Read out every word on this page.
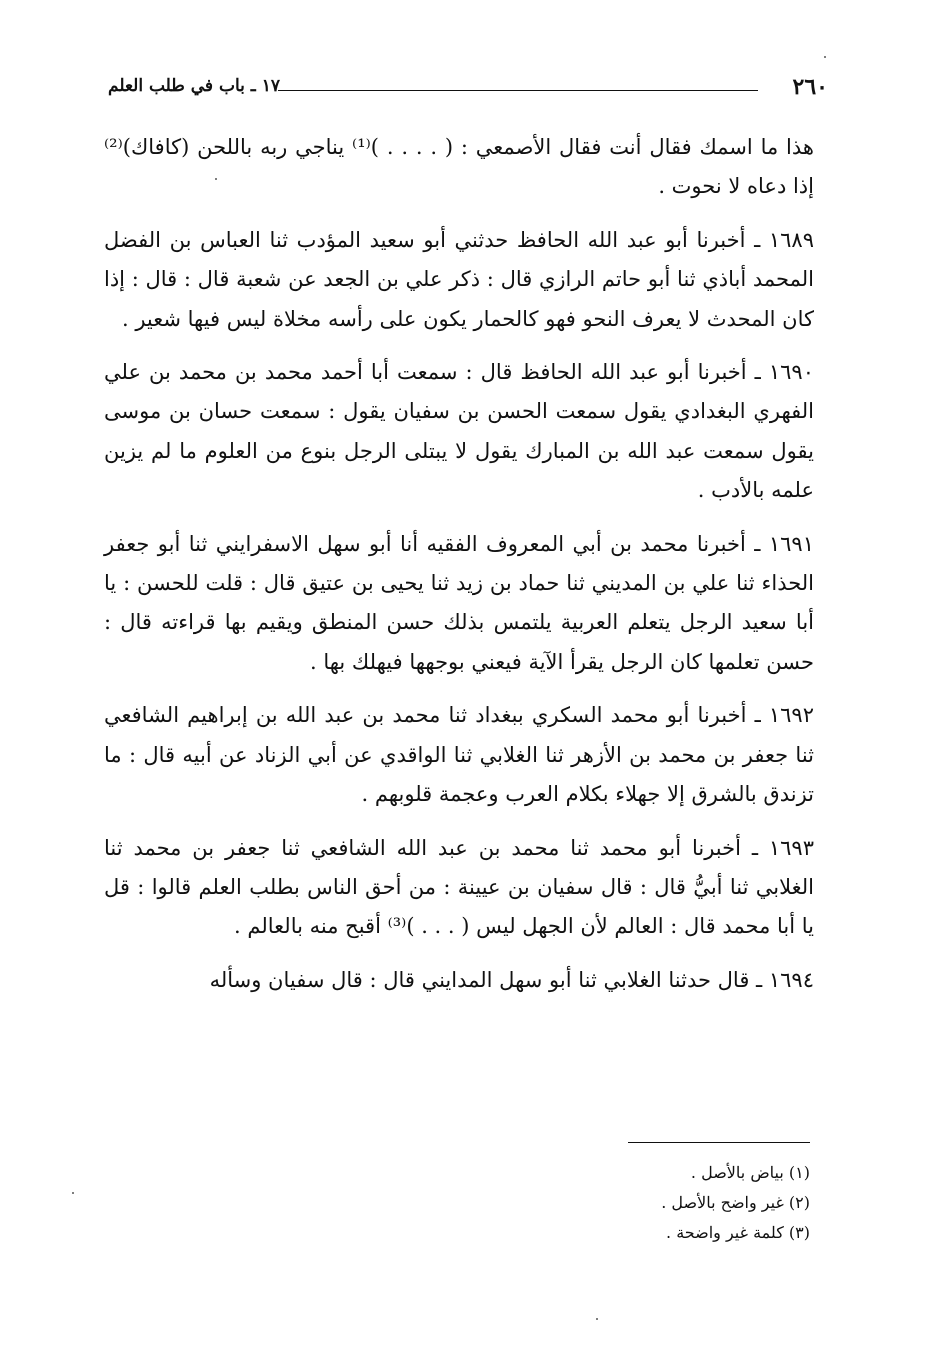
٢٦٠
١٧ ـ باب في طلب العلم

هذا ما اسمك فقال أنت فقال الأصمعي : ( . . . . )⁽¹⁾ يناجي ربه باللحن (كافاك)⁽²⁾ إذا دعاه لا نحوت .

١٦٨٩ ـ أخبرنا أبو عبد الله الحافظ حدثني أبو سعيد المؤدب ثنا العباس بن الفضل المحمد أباذي ثنا أبو حاتم الرازي قال : ذكر علي بن الجعد عن شعبة قال : قال : إذا كان المحدث لا يعرف النحو فهو كالحمار يكون على رأسه مخلاة ليس فيها شعير .

١٦٩٠ ـ أخبرنا أبو عبد الله الحافظ قال : سمعت أبا أحمد محمد بن محمد بن علي الفهري البغدادي يقول سمعت الحسن بن سفيان يقول : سمعت حسان بن موسى يقول سمعت عبد الله بن المبارك يقول لا يبتلى الرجل بنوع من العلوم ما لم يزين علمه بالأدب .

١٦٩١ ـ أخبرنا محمد بن أبي المعروف الفقيه أنا أبو سهل الاسفرايني ثنا أبو جعفر الحذاء ثنا علي بن المديني ثنا حماد بن زيد ثنا يحيى بن عتيق قال : قلت للحسن : يا أبا سعيد الرجل يتعلم العربية يلتمس بذلك حسن المنطق ويقيم بها قراءته قال : حسن تعلمها كان الرجل يقرأ الآية فيعني بوجهها فيهلك بها .

١٦٩٢ ـ أخبرنا أبو محمد السكري ببغداد ثنا محمد بن عبد الله بن إبراهيم الشافعي ثنا جعفر بن محمد بن الأزهر ثنا الغلابي ثنا الواقدي عن أبي الزناد عن أبيه قال : ما تزندق بالشرق إلا جهلاء بكلام العرب وعجمة قلوبهم .

١٦٩٣ ـ أخبرنا أبو محمد ثنا محمد بن عبد الله الشافعي ثنا جعفر بن محمد ثنا الغلابي ثنا أبيُّ قال : قال سفيان بن عيينة : من أحق الناس بطلب العلم قالوا : قل يا أبا محمد قال : العالم لأن الجهل ليس ( . . . )⁽³⁾ أقبح منه بالعالم .

١٦٩٤ ـ قال حدثنا الغلابي ثنا أبو سهل المدايني قال : قال سفيان وسأله

(١) بياض بالأصل .

(٢) غير واضح بالأصل .

(٣) كلمة غير واضحة .
